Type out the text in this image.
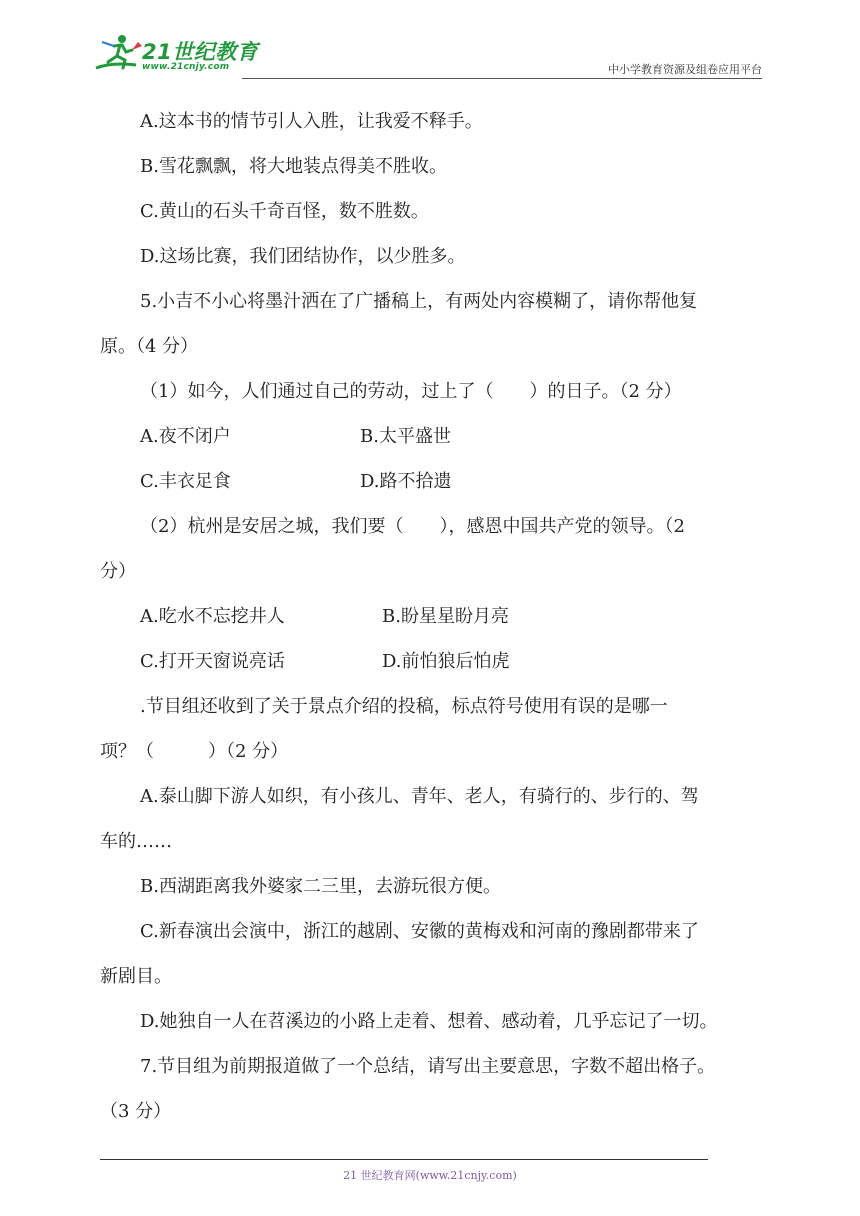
21世纪教育
www.21cnjy.com	中小学教育资源及组卷应用平台
A.这本书的情节引人入胜，让我爱不释手。
B.雪花飘飘，将大地装点得美不胜收。
C.黄山的石头千奇百怪，数不胜数。
D.这场比赛，我们团结协作，以少胜多。
5.小吉不小心将墨汁洒在了广播稿上，有两处内容模糊了，请你帮他复
原。（4 分）
（1）如今，人们通过自己的劳动，过上了（　　）的日子。（2 分）
A.夜不闭户	B.太平盛世
C.丰衣足食	D.路不拾遗
（2）杭州是安居之城，我们要（　　），感恩中国共产党的领导。（2
分）
A.吃水不忘挖井人	B.盼星星盼月亮
C.打开天窗说亮话	D.前怕狼后怕虎
.节目组还收到了关于景点介绍的投稿，标点符号使用有误的是哪一
项？（　　　）（2 分）
A.泰山脚下游人如织，有小孩儿、青年、老人，有骑行的、步行的、驾
车的……
B.西湖距离我外婆家二三里，去游玩很方便。
C.新春演出会演中，浙江的越剧、安徽的黄梅戏和河南的豫剧都带来了
新剧目。
D.她独自一人在苕溪边的小路上走着、想着、感动着，几乎忘记了一切。
7.节目组为前期报道做了一个总结，请写出主要意思，字数不超出格子。
（3 分）
21 世纪教育网(www.21cnjy.com)
